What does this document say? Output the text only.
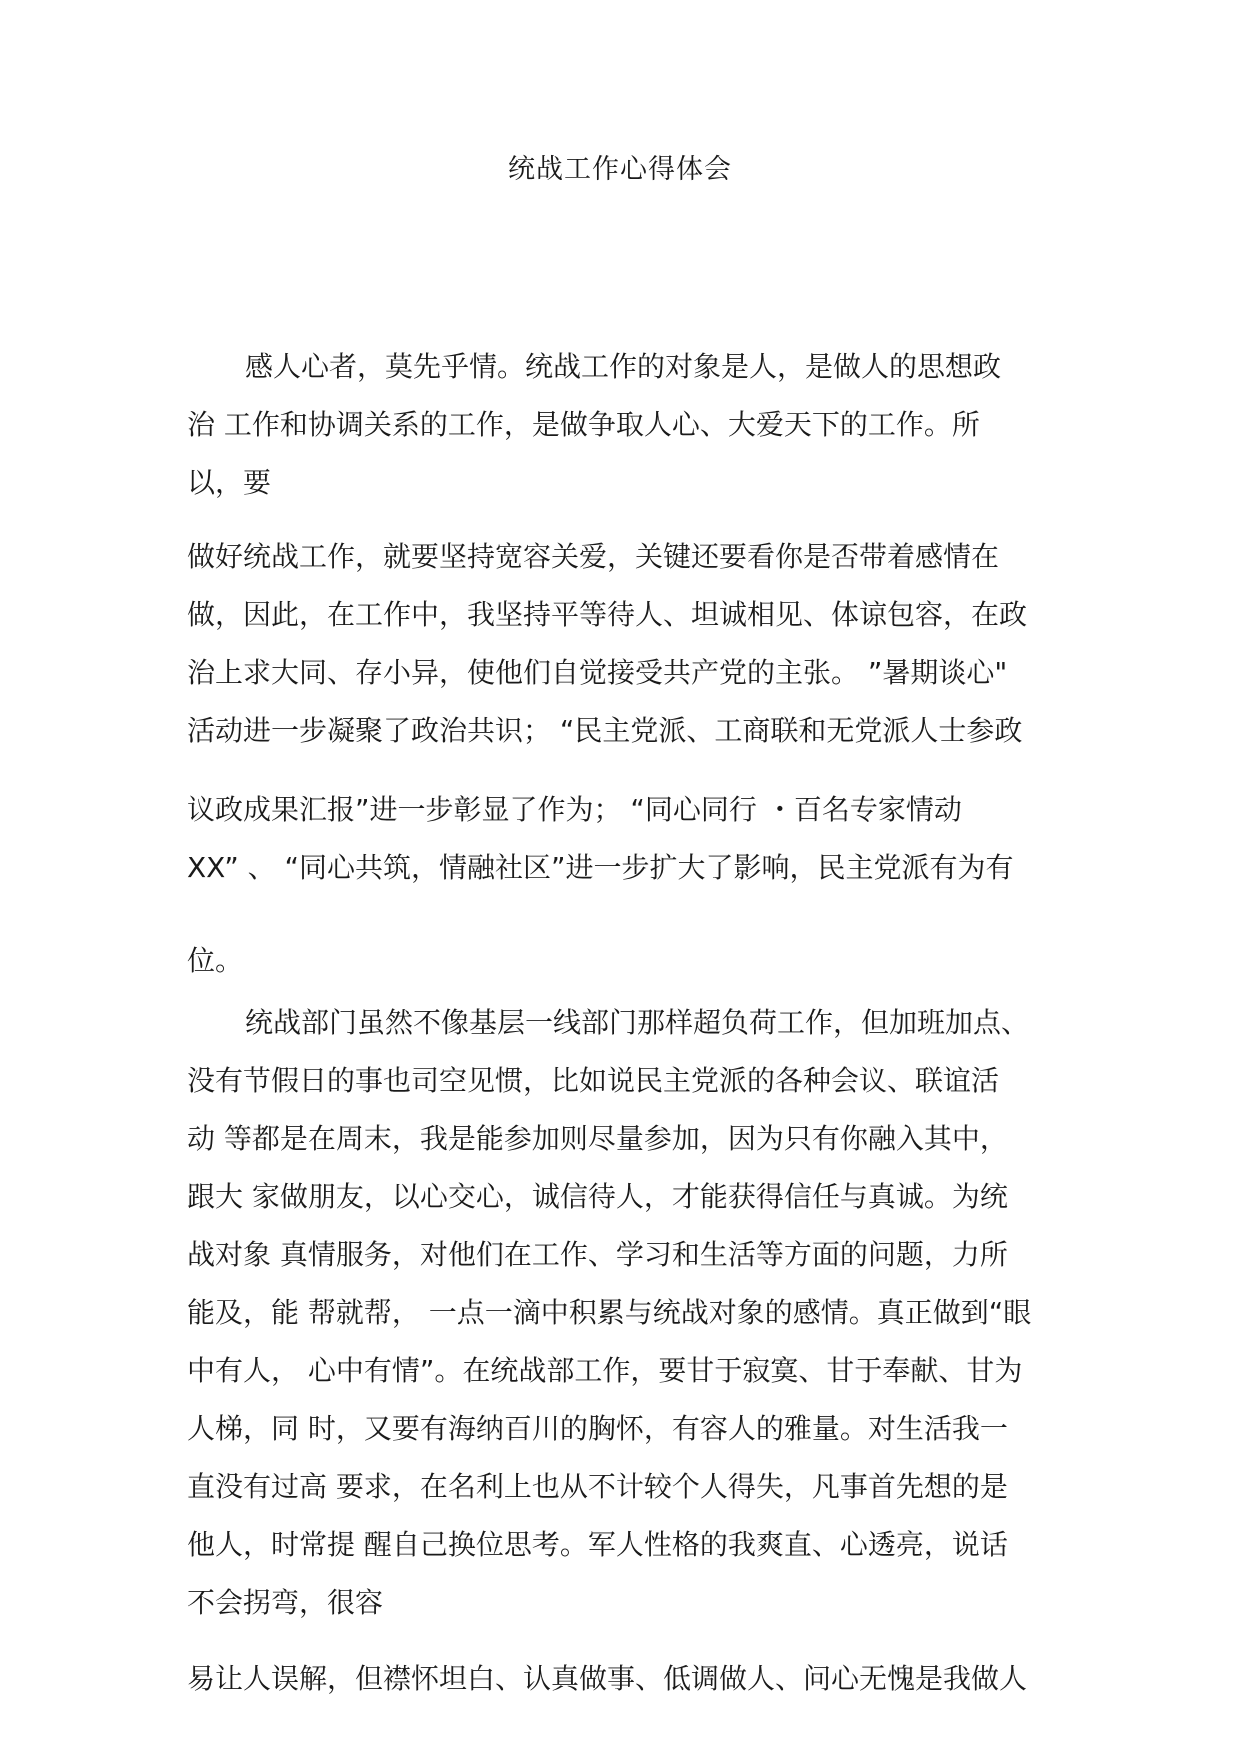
统战工作心得体会
感人心者，莫先乎情。统战工作的对象是人，是做人的思想政
治 工作和协调关系的工作，是做争取人心、大爱天下的工作。所
以，要
做好统战工作，就要坚持宽容关爱，关键还要看你是否带着感情在
做，因此，在工作中，我坚持平等待人、坦诚相见、体谅包容，在政
治上求大同、存小异，使他们自觉接受共产党的主张。 ”暑期谈心"
活动进一步凝聚了政治共识； “民主党派、工商联和无党派人士参政
议政成果汇报”进一步彰显了作为； “同心同行 ・百名专家情动
XX” 、 “同心共筑，情融社区”进一步扩大了影响，民主党派有为有
位。
统战部门虽然不像基层一线部门那样超负荷工作，但加班加点、
没有节假日的事也司空见惯，比如说民主党派的各种会议、联谊活
动 等都是在周末，我是能参加则尽量参加，因为只有你融入其中，
跟大 家做朋友，以心交心，诚信待人，才能获得信任与真诚。为统
战对象 真情服务，对他们在工作、学习和生活等方面的问题，力所
能及，能 帮就帮， 一点一滴中积累与统战对象的感情。真正做到“眼
中有人， 心中有情”。在统战部工作，要甘于寂寞、甘于奉献、甘为
人梯，同 时，又要有海纳百川的胸怀，有容人的雅量。对生活我一
直没有过高 要求，在名利上也从不计较个人得失，凡事首先想的是
他人，时常提 醒自己换位思考。军人性格的我爽直、心透亮，说话
不会拐弯，很容
易让人误解，但襟怀坦白、认真做事、低调做人、问心无愧是我做人
